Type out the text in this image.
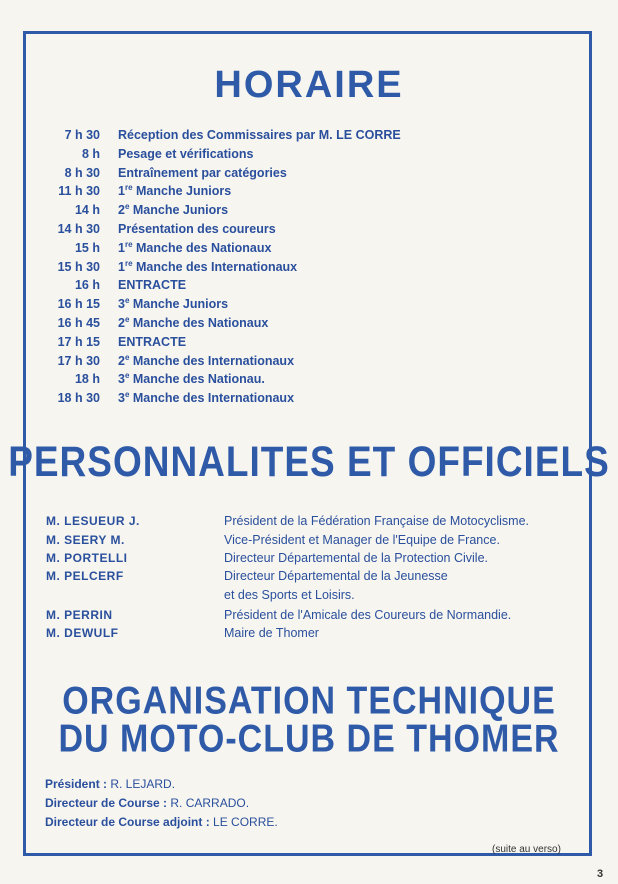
HORAIRE
7 h 30 Réception des Commissaires par M. LE CORRE
8 h Pesage et vérifications
8 h 30 Entraînement par catégories
11 h 30 1re Manche Juniors
14 h 2e Manche Juniors
14 h 30 Présentation des coureurs
15 h 1re Manche des Nationaux
15 h 30 1re Manche des Internationaux
16 h ENTRACTE
16 h 15 3e Manche Juniors
16 h 45 2e Manche des Nationaux
17 h 15 ENTRACTE
17 h 30 2e Manche des Internationaux
18 h 3e Manche des Nationau.
18 h 30 3e Manche des Internationaux
PERSONNALITES ET OFFICIELS
M. LESUEUR J.	Président de la Fédération Française de Motocyclisme.
M. SEERY M.	Vice-Président et Manager de l'Equipe de France.
M. PORTELLI	Directeur Départemental de la Protection Civile.
M. PELCERF	Directeur Départemental de la Jeunesse
et des Sports et Loisirs.
M. PERRIN	Président de l'Amicale des Coureurs de Normandie.
M. DEWULF	Maire de Thomer
ORGANISATION TECHNIQUE
DU MOTO-CLUB DE THOMER
Président : R. LEJARD.
Directeur de Course : R. CARRADO.
Directeur de Course adjoint : LE CORRE.
(suite au verso)
3
